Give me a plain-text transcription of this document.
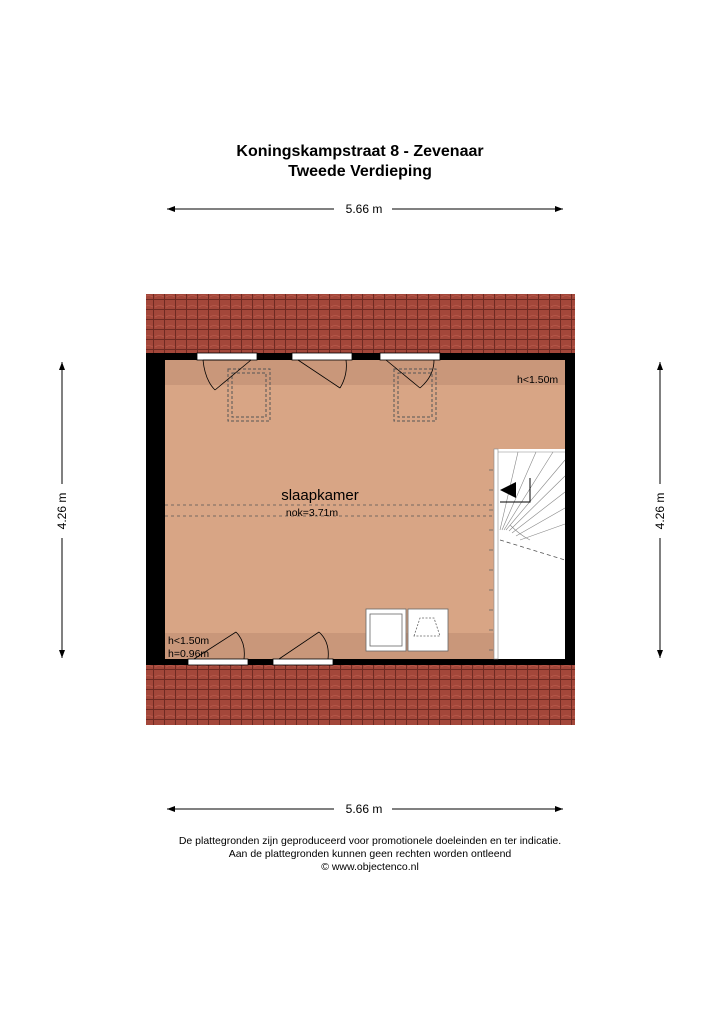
Koningskampstraat 8 - Zevenaar
Tweede Verdieping
5.66 m
5.66 m
4.26 m	4.26 m
slaapkamer
nok=3.71m
h<1.50m
h<1.50m
h=0.96m
De plattegronden zijn geproduceerd voor promotionele doeleinden en ter indicatie.
Aan de plattegronden kunnen geen rechten worden ontleend
© www.objectenco.nl
